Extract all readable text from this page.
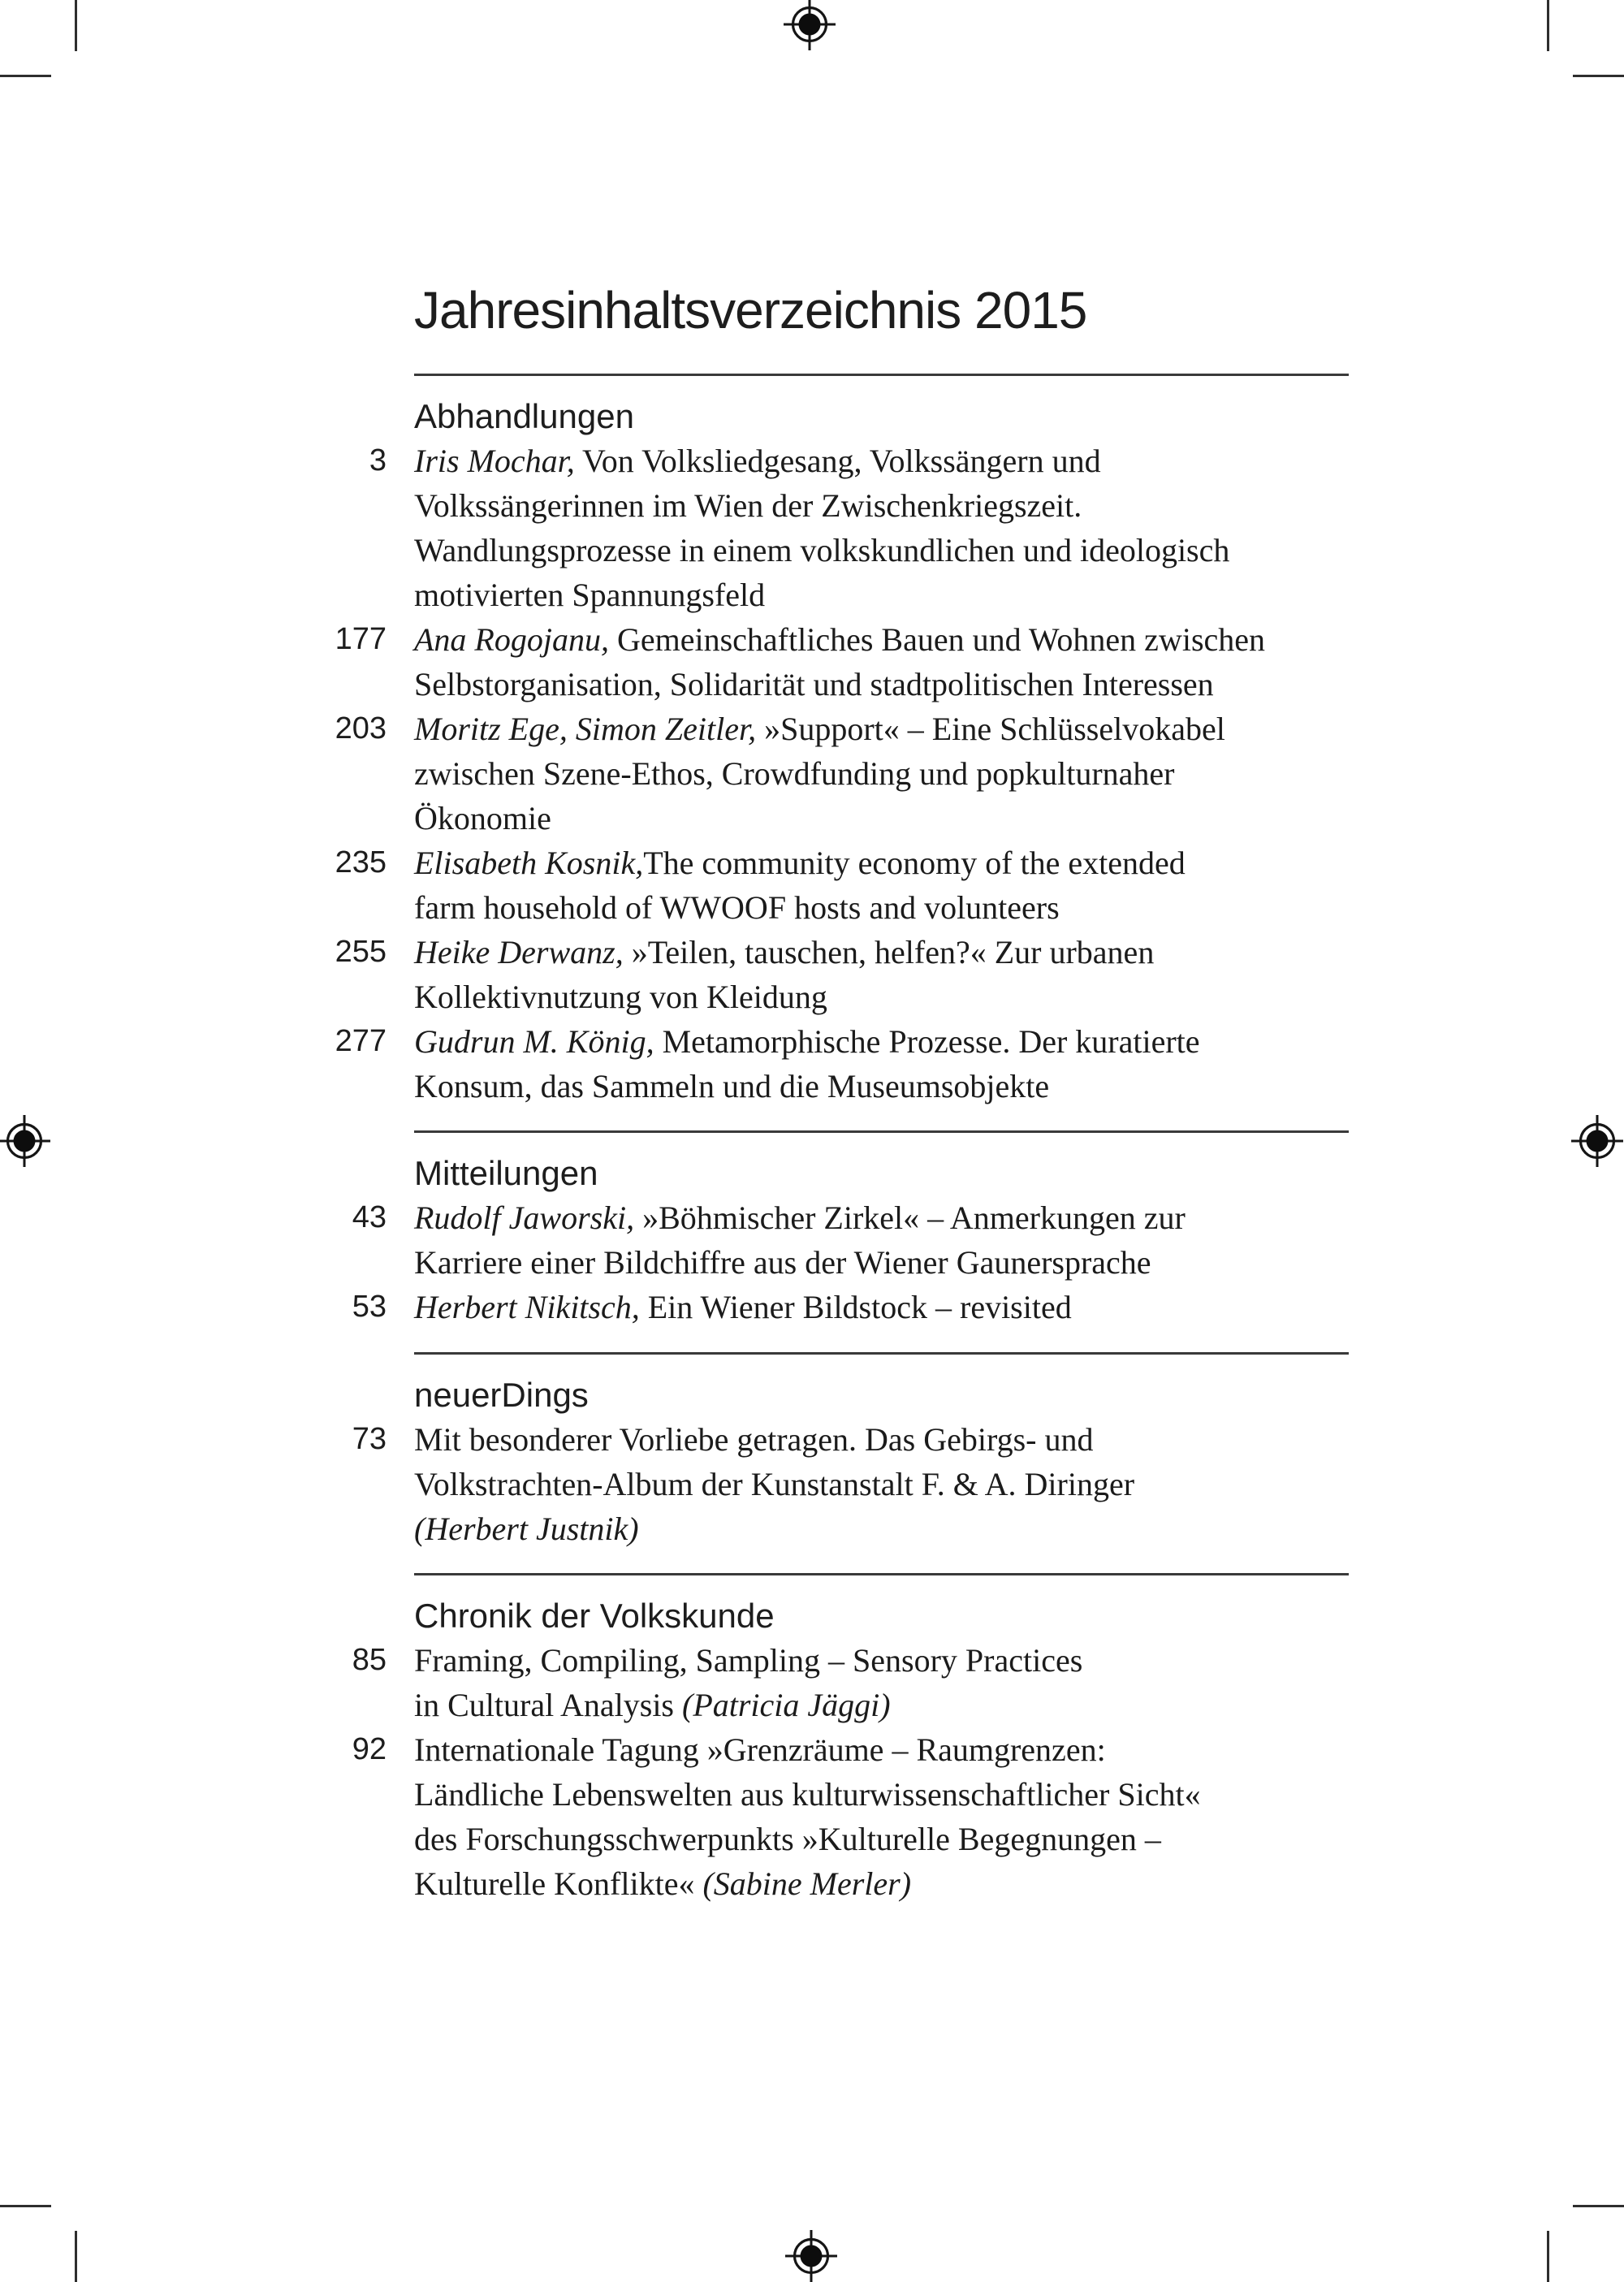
Jahresinhaltsverzeichnis 2015
Abhandlungen
3 Iris Mochar, Von Volksliedgesang, Volkssängern und
Volkssängerinnen im Wien der Zwischenkriegszeit.
Wandlungsprozesse in einem volkskundlichen und ideologisch
motivierten Spannungsfeld
177 Ana Rogojanu, Gemeinschaftliches Bauen und Wohnen zwischen
Selbstorganisation, Solidarität und stadtpolitischen Interessen
203 Moritz Ege, Simon Zeitler, »Support« – Eine Schlüsselvokabel
zwischen Szene-Ethos, Crowdfunding und popkulturnaher
Ökonomie
235 Elisabeth Kosnik,The community economy of the extended
farm household of WWOOF hosts and volunteers
255 Heike Derwanz, »Teilen, tauschen, helfen?« Zur urbanen
Kollektivnutzung von Kleidung
277 Gudrun M. König, Metamorphische Prozesse. Der kuratierte
Konsum, das Sammeln und die Museumsobjekte
Mitteilungen
43 Rudolf Jaworski, »Böhmischer Zirkel« – Anmerkungen zur
Karriere einer Bildchiffre aus der Wiener Gaunersprache
53 Herbert Nikitsch, Ein Wiener Bildstock – revisited
neuerDings
73 Mit besonderer Vorliebe getragen. Das Gebirgs- und
Volkstrachten-Album der Kunstanstalt F. & A. Diringer
(Herbert Justnik)
Chronik der Volkskunde
85 Framing, Compiling, Sampling – Sensory Practices
in Cultural Analysis (Patricia Jäggi)
92 Internationale Tagung »Grenzräume – Raumgrenzen:
Ländliche Lebenswelten aus kulturwissenschaftlicher Sicht«
des Forschungsschwerpunkts »Kulturelle Begegnungen –
Kulturelle Konflikte« (Sabine Merler)
